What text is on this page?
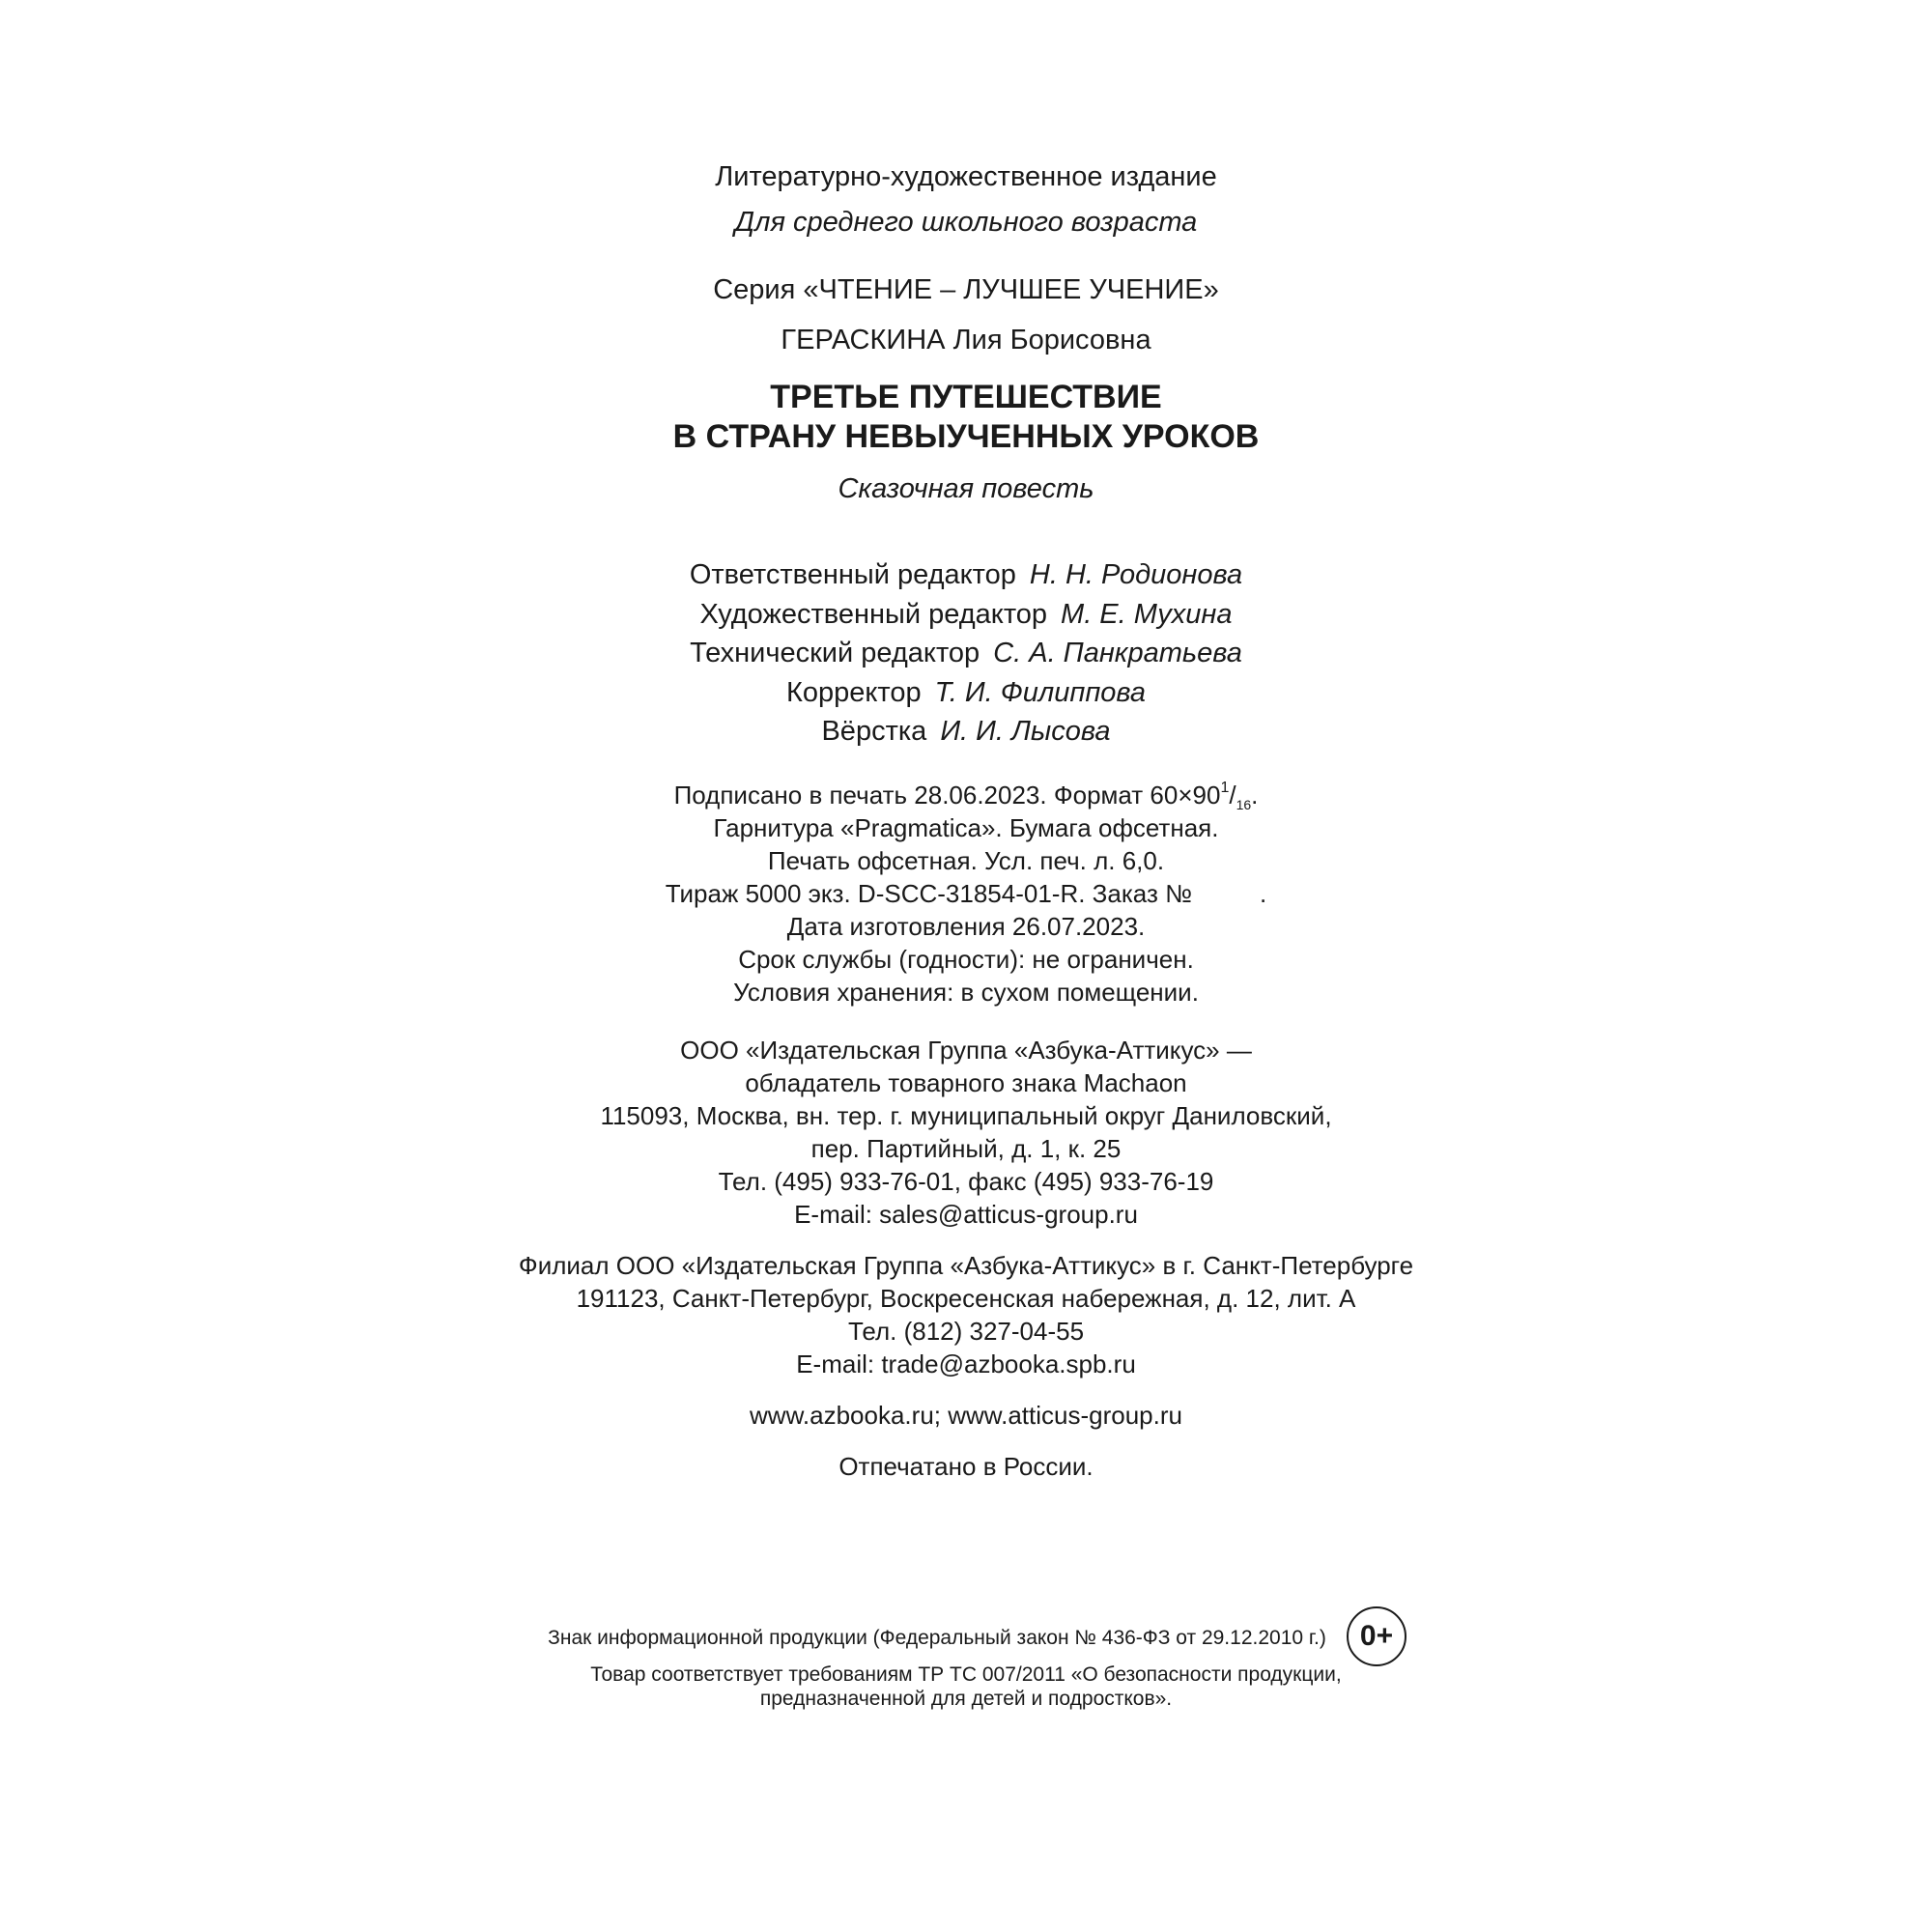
Литературно-художественное издание
Для среднего школьного возраста
Серия «ЧТЕНИЕ – ЛУЧШЕЕ УЧЕНИЕ»
ГЕРАСКИНА Лия Борисовна
ТРЕТЬЕ ПУТЕШЕСТВИЕ
В СТРАНУ НЕВЫУЧЕННЫХ УРОКОВ
Сказочная повесть
Ответственный редактор Н. Н. Родионова
Художественный редактор М. Е. Мухина
Технический редактор С. А. Панкратьева
Корректор Т. И. Филиппова
Вёрстка И. И. Лысова
Подписано в печать 28.06.2023. Формат $60\times 90^1/_{16}$.
Гарнитура «Pragmatica». Бумага офсетная.
Печать офсетная. Усл. печ. л. 6,0.
Тираж 5000 экз. D-SCC-31854-01-R. Заказ №	.
Дата изготовления 26.07.2023.
Срок службы (годности): не ограничен.
Условия хранения: в сухом помещении.
ООО «Издательская Группа «Азбука-Аттикус» —
обладатель товарного знака Machaon
115093, Москва, вн. тер. г. муниципальный округ Даниловский,
пер. Партийный, д. 1, к. 25
Тел. (495) 933-76-01, факс (495) 933-76-19
E-mail: sales@atticus-group.ru
Филиал ООО «Издательская Группа «Азбука-Аттикус» в г. Санкт-Петербурге
191123, Санкт-Петербург, Воскресенская набережная, д. 12, лит. А
Тел. (812) 327-04-55
E-mail: trade@azbooka.spb.ru
www.azbooka.ru; www.atticus-group.ru
Отпечатано в России.
Знак информационной продукции (Федеральный закон № 436-ФЗ от 29.12.2010 г.)	0+
Товар соответствует требованиям ТР ТС 007/2011 «О безопасности продукции,
предназначенной для детей и подростков».
